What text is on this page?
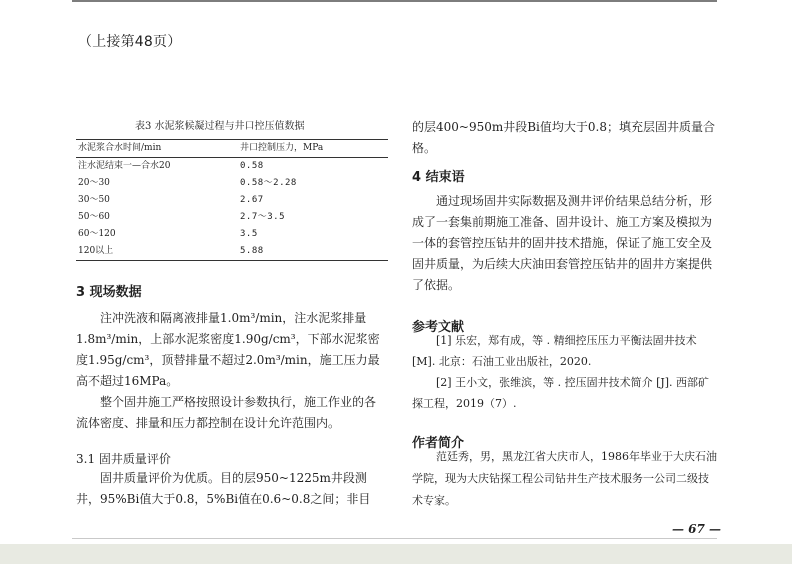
（上接第48页）
表3 水泥浆候凝过程与井口控压值数据
水泥浆合水时间/min	井口控制压力，MPa
注水泥结束一—合水20	0.58
20～30	0.58～2.28
30～50	2.67
50～60	2.7～3.5
60～120	3.5
120以上	5.88
3 现场数据
注冲洗液和隔离液排量1.0m³/min，注水泥浆排量1.8m³/min，上部水泥浆密度1.90g/cm³，下部水泥浆密度1.95g/cm³，顶替排量不超过2.0m³/min，施工压力最高不超过16MPa。
整个固井施工严格按照设计参数执行，施工作业的各流体密度、排量和压力都控制在设计允许范围内。
3.1 固井质量评价
固井质量评价为优质。目的层950~1225m井段测井，95%Bi值大于0.8，5%Bi值在0.6~0.8之间；非目
的层400~950m井段Bi值均大于0.8；填充层固井质量合格。
4 结束语
通过现场固井实际数据及测井评价结果总结分析，形成了一套集前期施工准备、固井设计、施工方案及模拟为一体的套管控压钻井的固井技术措施，保证了施工安全及固井质量，为后续大庆油田套管控压钻井的固井方案提供了依据。
参考文献
[1] 乐宏，郑有成，等 . 精细控压压力平衡法固井技术 [M]. 北京：石油工业出版社，2020.
[2] 王小文，张维滨，等 . 控压固井技术简介 [J]. 西部矿探工程，2019（7）.
作者简介
范廷秀，男，黑龙江省大庆市人，1986年毕业于大庆石油学院，现为大庆钻探工程公司钻井生产技术服务一公司二级技术专家。
— 67 —
